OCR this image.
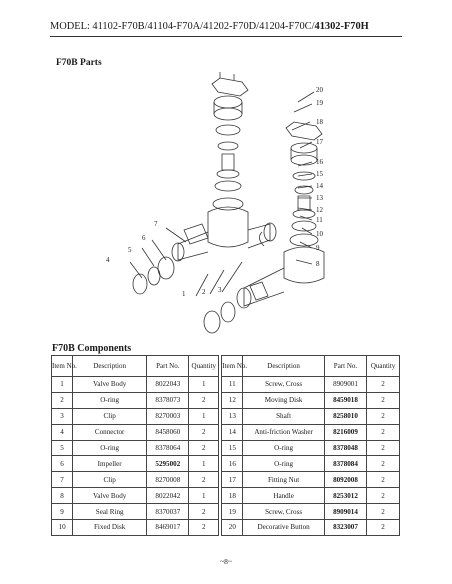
MODEL: 41102-F70B/41104-F70A/41202-F70D/41204-F70C/41302-F70H
F70B Parts
20
19
18
17
16
15
14
13
12
11
10
9
8
7
6
5
4
1 2 3
F70B Components
Item No.	Description	Part No.	Quantity		Item No.	Description	Part No.	Quantity
1	Valve Body	8022043	1		11	Screw, Cross	8909001	2
2	O-ring	8378073	2		12	Moving Disk	8459018	2
3	Clip	8270003	1		13	Shaft	8258010	2
4	Connector	8458060	2		14	Anti-friction Washer	8216009	2
5	O-ring	8378064	2		15	O-ring	8378048	2
6	Impeller	5295002	1		16	O-ring	8378084	2
7	Clip	8270008	2		17	Fitting Nut	8092008	2
8	Valve Body	8022042	1		18	Handle	8253012	2
9	Seal Ring	8370037	2		19	Screw, Cross	8909014	2
10	Fixed Disk	8469017	2		20	Decorative Button	8323007	2
~8~
